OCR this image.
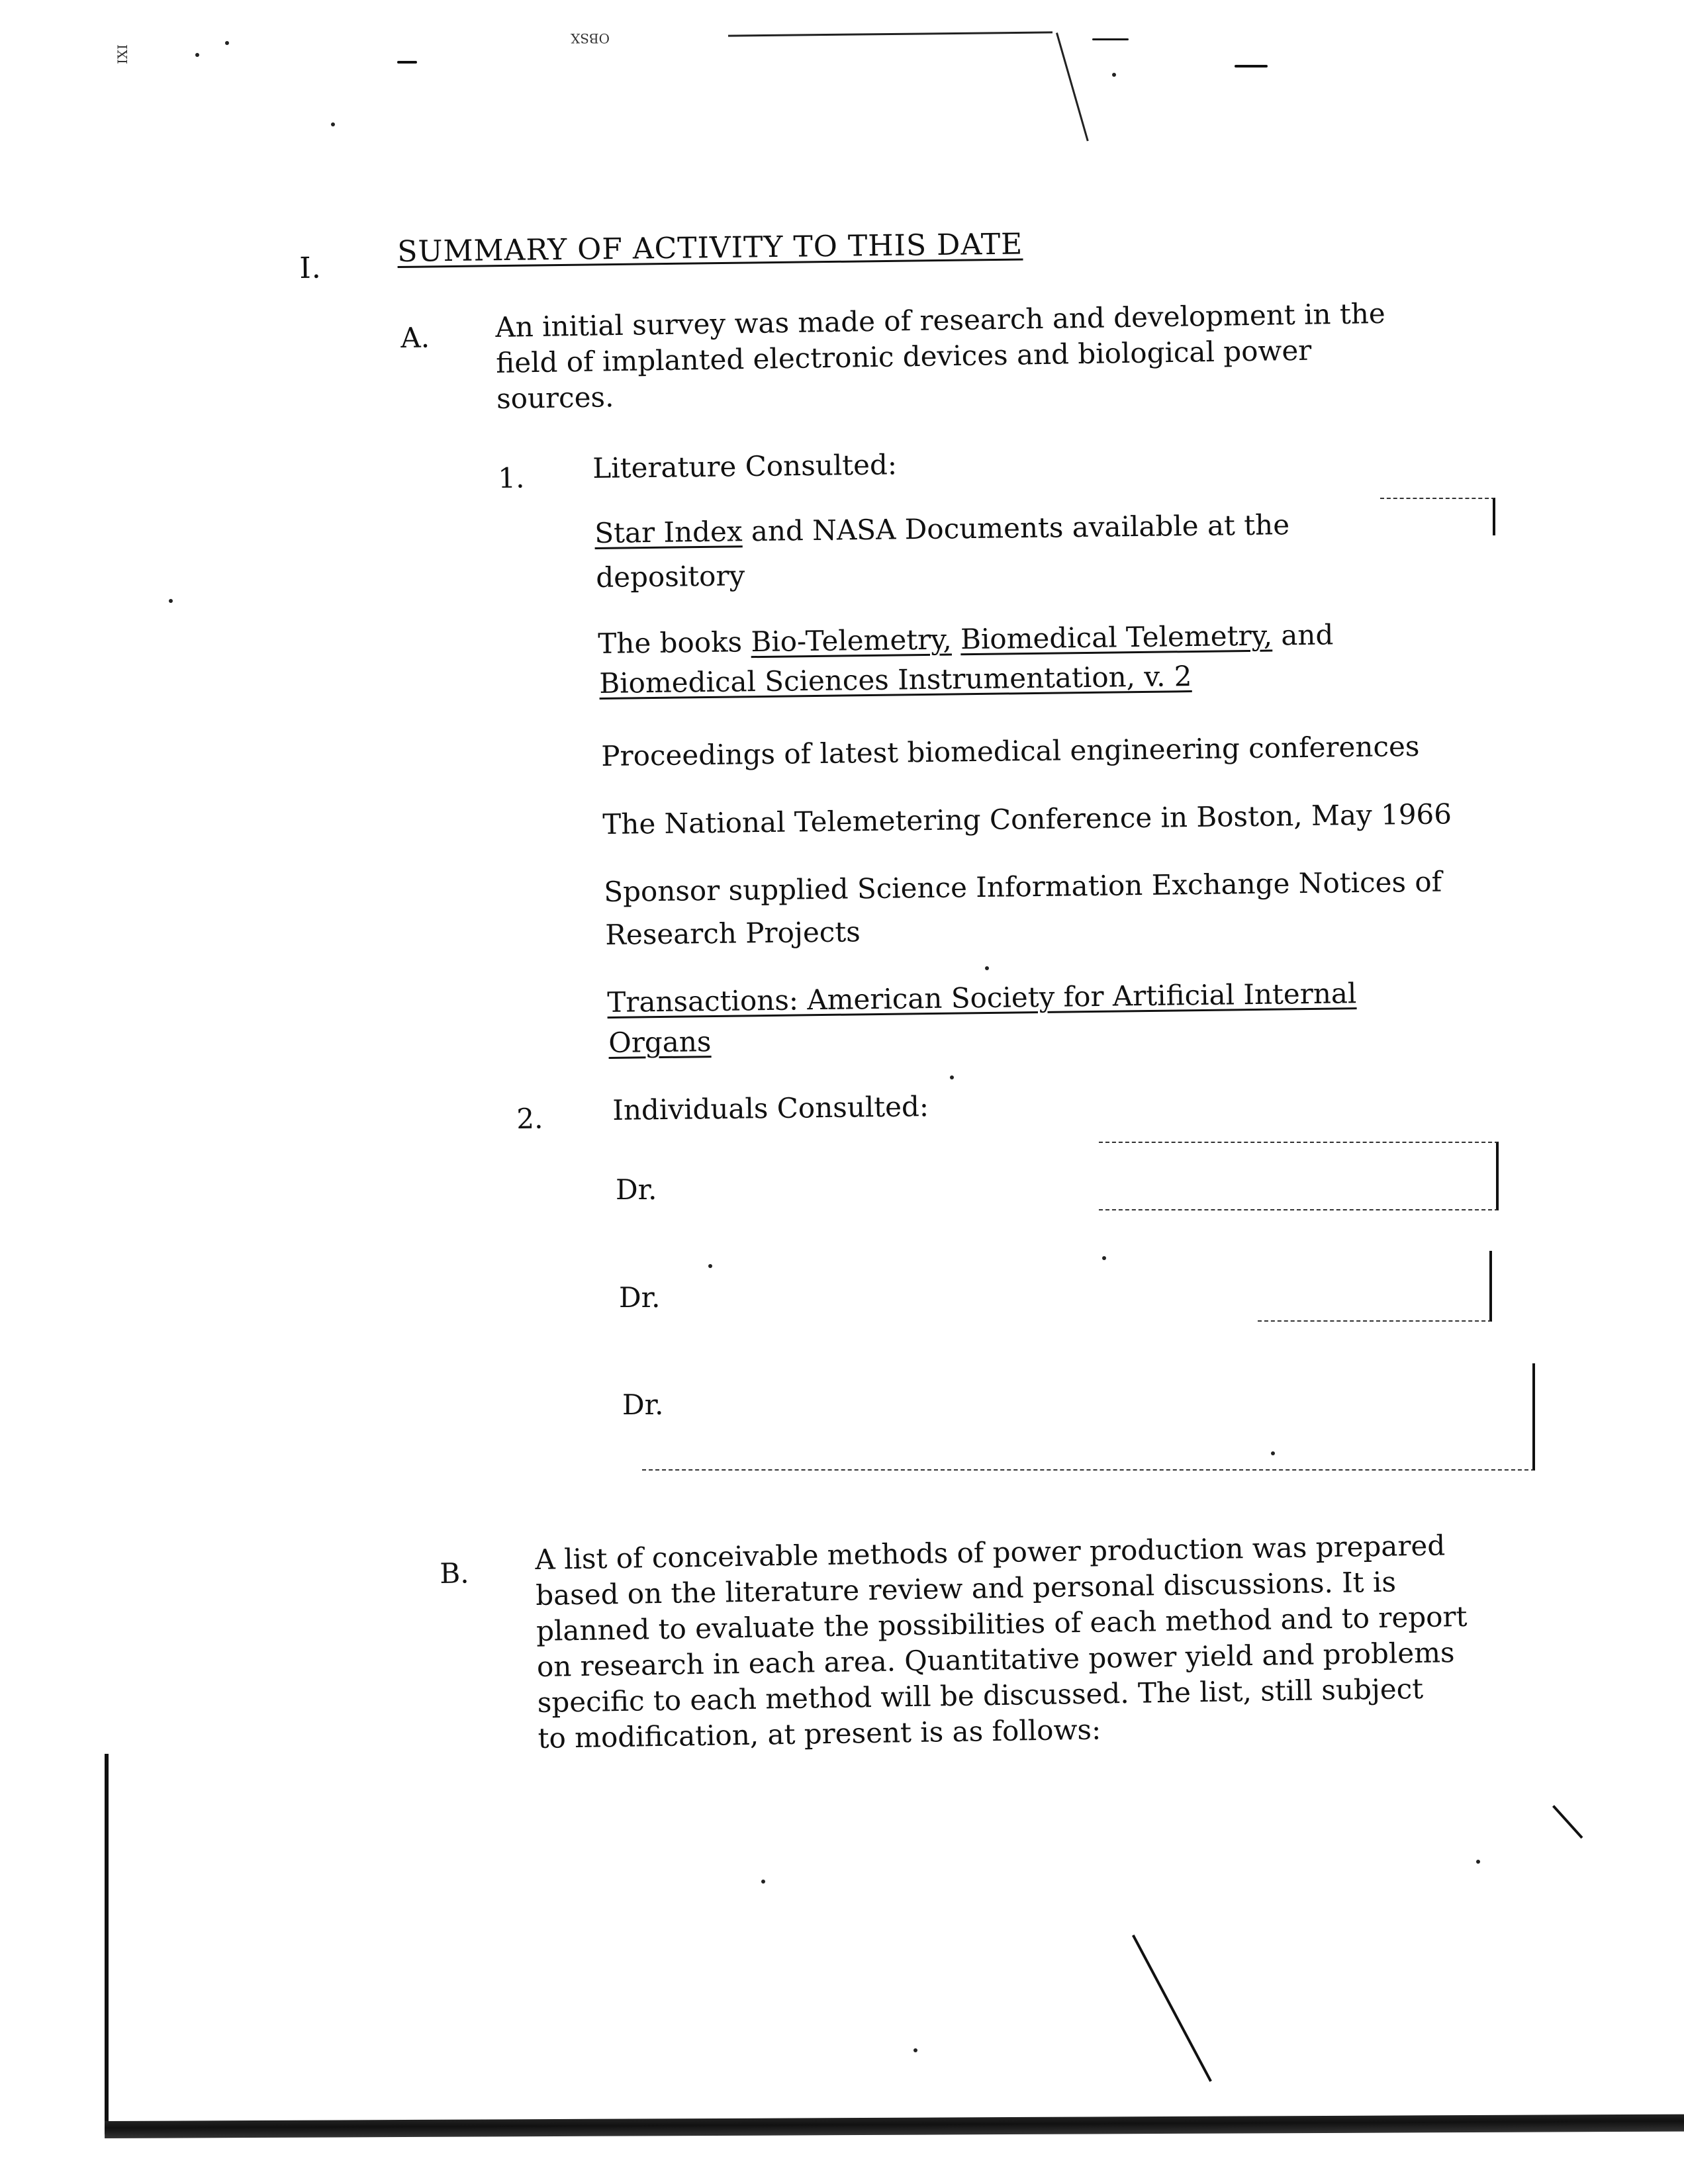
IXI
OBSX
I.	SUMMARY OF ACTIVITY TO THIS DATE
A. An initial survey was made of research and development in the
field of implanted electronic devices and biological power
sources.
1. Literature Consulted:
Star Index and NASA Documents available at the
depository
The books Bio-Telemetry, Biomedical Telemetry, and
Biomedical Sciences Instrumentation, v. 2
Proceedings of latest biomedical engineering conferences
The National Telemetering Conference in Boston, May 1966
Sponsor supplied Science Information Exchange Notices of
Research Projects
Transactions: American Society for Artificial Internal
Organs
2. Individuals Consulted:
Dr.
Dr.
Dr.
B. A list of conceivable methods of power production was prepared
based on the literature review and personal discussions. It is
planned to evaluate the possibilities of each method and to report
on research in each area. Quantitative power yield and problems
specific to each method will be discussed. The list, still subject
to modification, at present is as follows:
